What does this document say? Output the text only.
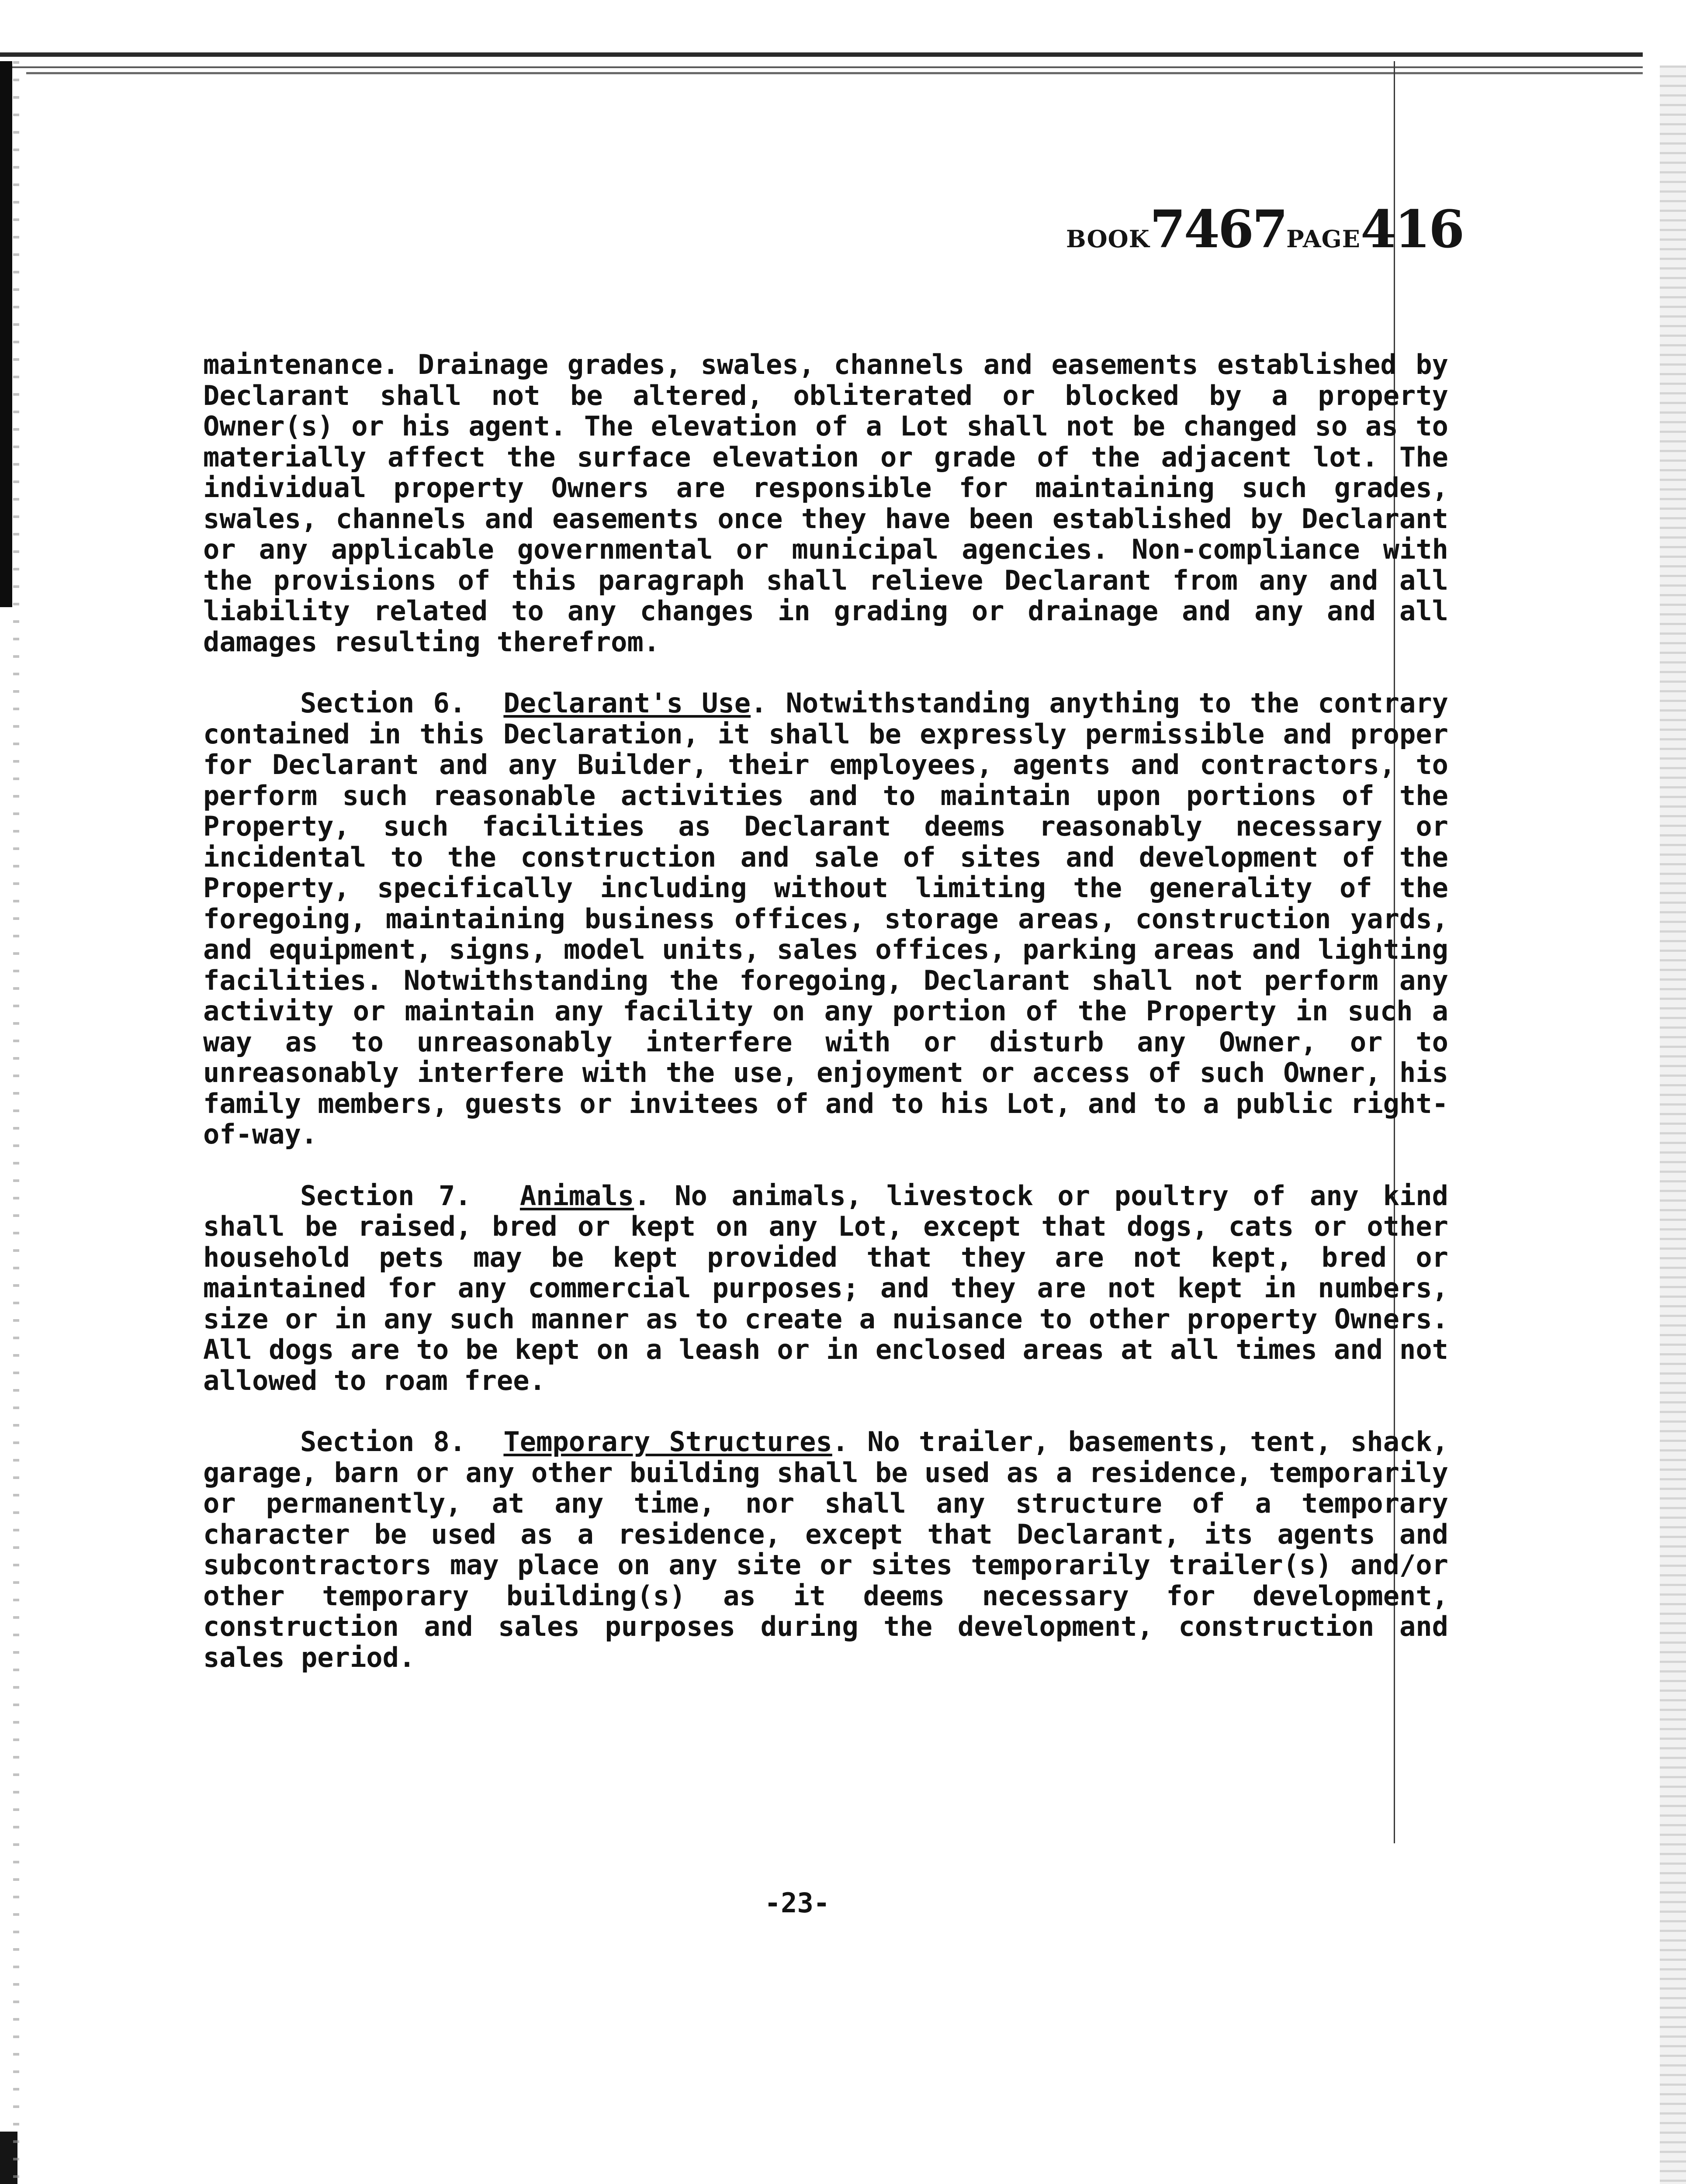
BOOK7467PAGE416

maintenance. Drainage grades, swales, channels and easements established by Declarant shall not be altered, obliterated or blocked by a property Owner(s) or his agent. The elevation of a Lot shall not be changed so as to materially affect the surface elevation or grade of the adjacent lot. The individual property Owners are responsible for maintaining such grades, swales, channels and easements once they have been established by Declarant or any applicable governmental or municipal agencies. Non-compliance with the provisions of this paragraph shall relieve Declarant from any and all liability related to any changes in grading or drainage and any and all damages resulting therefrom.

Section 6. Declarant's Use. Notwithstanding anything to the contrary contained in this Declaration, it shall be expressly permissible and proper for Declarant and any Builder, their employees, agents and contractors, to perform such reasonable activities and to maintain upon portions of the Property, such facilities as Declarant deems reasonably necessary or incidental to the construction and sale of sites and development of the Property, specifically including without limiting the generality of the foregoing, maintaining business offices, storage areas, construction yards, and equipment, signs, model units, sales offices, parking areas and lighting facilities. Notwithstanding the foregoing, Declarant shall not perform any activity or maintain any facility on any portion of the Property in such a way as to unreasonably interfere with or disturb any Owner, or to unreasonably interfere with the use, enjoyment or access of such Owner, his family members, guests or invitees of and to his Lot, and to a public right-of-way.

Section 7. Animals. No animals, livestock or poultry of any kind shall be raised, bred or kept on any Lot, except that dogs, cats or other household pets may be kept provided that they are not kept, bred or maintained for any commercial purposes; and they are not kept in numbers, size or in any such manner as to create a nuisance to other property Owners. All dogs are to be kept on a leash or in enclosed areas at all times and not allowed to roam free.

Section 8. Temporary Structures. No trailer, basements, tent, shack, garage, barn or any other building shall be used as a residence, temporarily or permanently, at any time, nor shall any structure of a temporary character be used as a residence, except that Declarant, its agents and subcontractors may place on any site or sites temporarily trailer(s) and/or other temporary building(s) as it deems necessary for development, construction and sales purposes during the development, construction and sales period.

-23-
